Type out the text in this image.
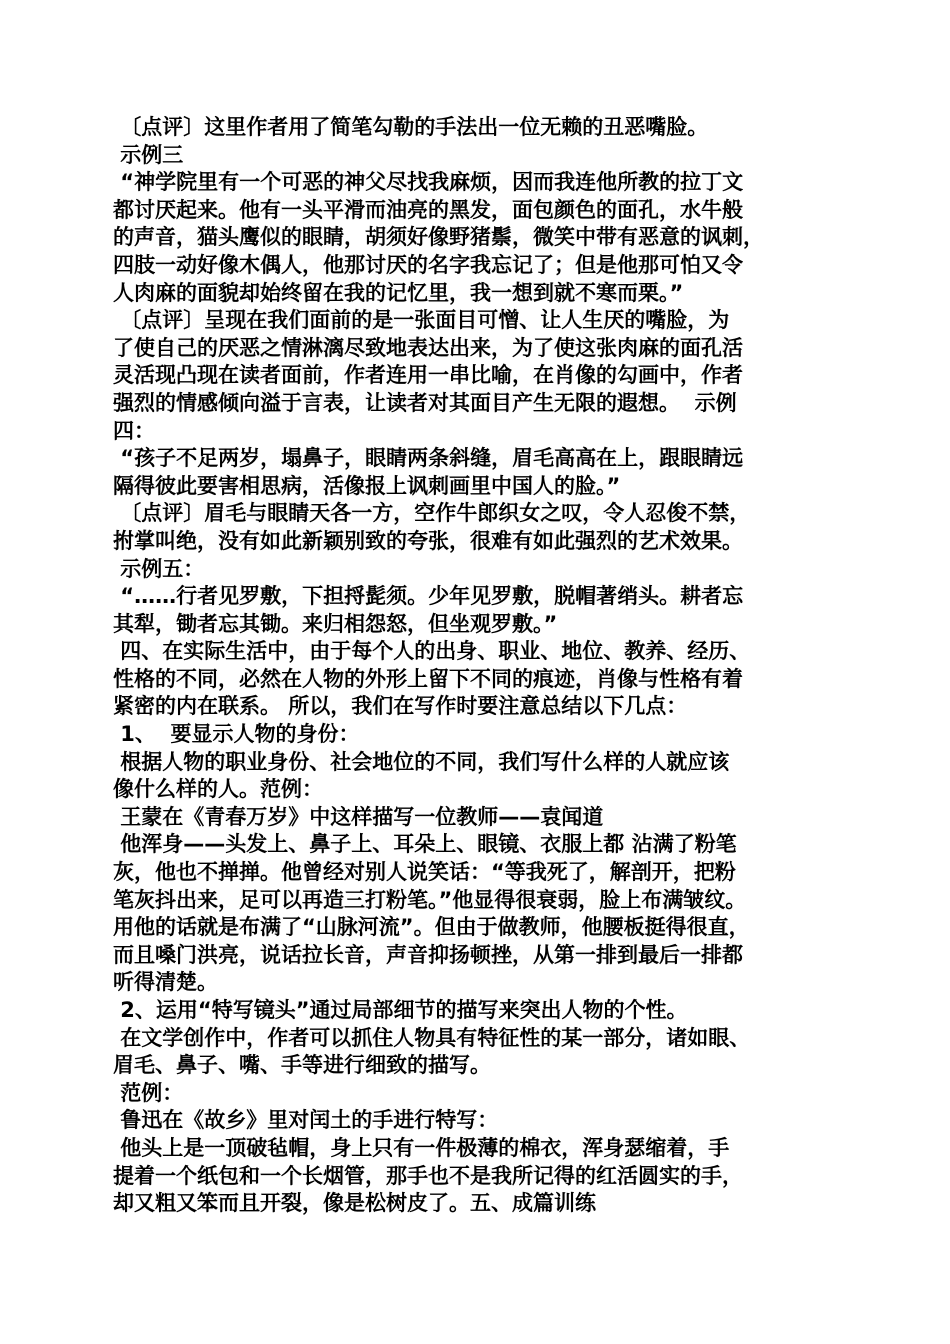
〔点评〕这里作者用了简笔勾勒的手法出一位无赖的丑恶嘴脸。
示例三
“神学院里有一个可恶的神父尽找我麻烦，因而我连他所教的拉丁文
都讨厌起来。他有一头平滑而油亮的黑发，面包颜色的面孔，水牛般
的声音，猫头鹰似的眼睛，胡须好像野猪鬃，微笑中带有恶意的讽刺，
四肢一动好像木偶人，他那讨厌的名字我忘记了；但是他那可怕又令
人肉麻的面貌却始终留在我的记忆里，我一想到就不寒而栗。”
〔点评〕呈现在我们面前的是一张面目可憎、让人生厌的嘴脸，为
了使自己的厌恶之情淋漓尽致地表达出来，为了使这张肉麻的面孔活
灵活现凸现在读者面前，作者连用一串比喻，在肖像的勾画中，作者
强烈的情感倾向溢于言表，让读者对其面目产生无限的遐想。  示例
四：
“孩子不足两岁，塌鼻子，眼睛两条斜缝，眉毛高高在上，跟眼睛远
隔得彼此要害相思病，活像报上讽刺画里中国人的脸。”
〔点评〕眉毛与眼睛天各一方，空作牛郎织女之叹，令人忍俊不禁，
拊掌叫绝，没有如此新颖别致的夸张，很难有如此强烈的艺术效果。
示例五：
“……行者见罗敷，下担捋髭须。少年见罗敷，脱帽著绡头。耕者忘
其犁，锄者忘其锄。来归相怨怒，但坐观罗敷。”
四、在实际生活中，由于每个人的出身、职业、地位、教养、经历、
性格的不同，必然在人物的外形上留下不同的痕迹，肖像与性格有着
紧密的内在联系。 所以，我们在写作时要注意总结以下几点：
1、  要显示人物的身份：
根据人物的职业身份、社会地位的不同，我们写什么样的人就应该
像什么样的人。范例：
王蒙在《青春万岁》中这样描写一位教师——袁闻道
他浑身——头发上、鼻子上、耳朵上、眼镜、衣服上都 沾满了粉笔
灰，他也不掸掸。他曾经对别人说笑话：“等我死了，解剖开，把粉
笔灰抖出来，足可以再造三打粉笔。”他显得很衰弱，脸上布满皱纹。
用他的话就是布满了“山脉河流”。但由于做教师，他腰板挺得很直，
而且嗓门洪亮，说话拉长音，声音抑扬顿挫，从第一排到最后一排都
听得清楚。
2、运用“特写镜头”通过局部细节的描写来突出人物的个性。
在文学创作中，作者可以抓住人物具有特征性的某一部分，诸如眼、
眉毛、鼻子、嘴、手等进行细致的描写。
范例：
鲁迅在《故乡》里对闰土的手进行特写：
他头上是一顶破毡帽，身上只有一件极薄的棉衣，浑身瑟缩着，手
提着一个纸包和一个长烟管，那手也不是我所记得的红活圆实的手，
却又粗又笨而且开裂，像是松树皮了。五、成篇训练
